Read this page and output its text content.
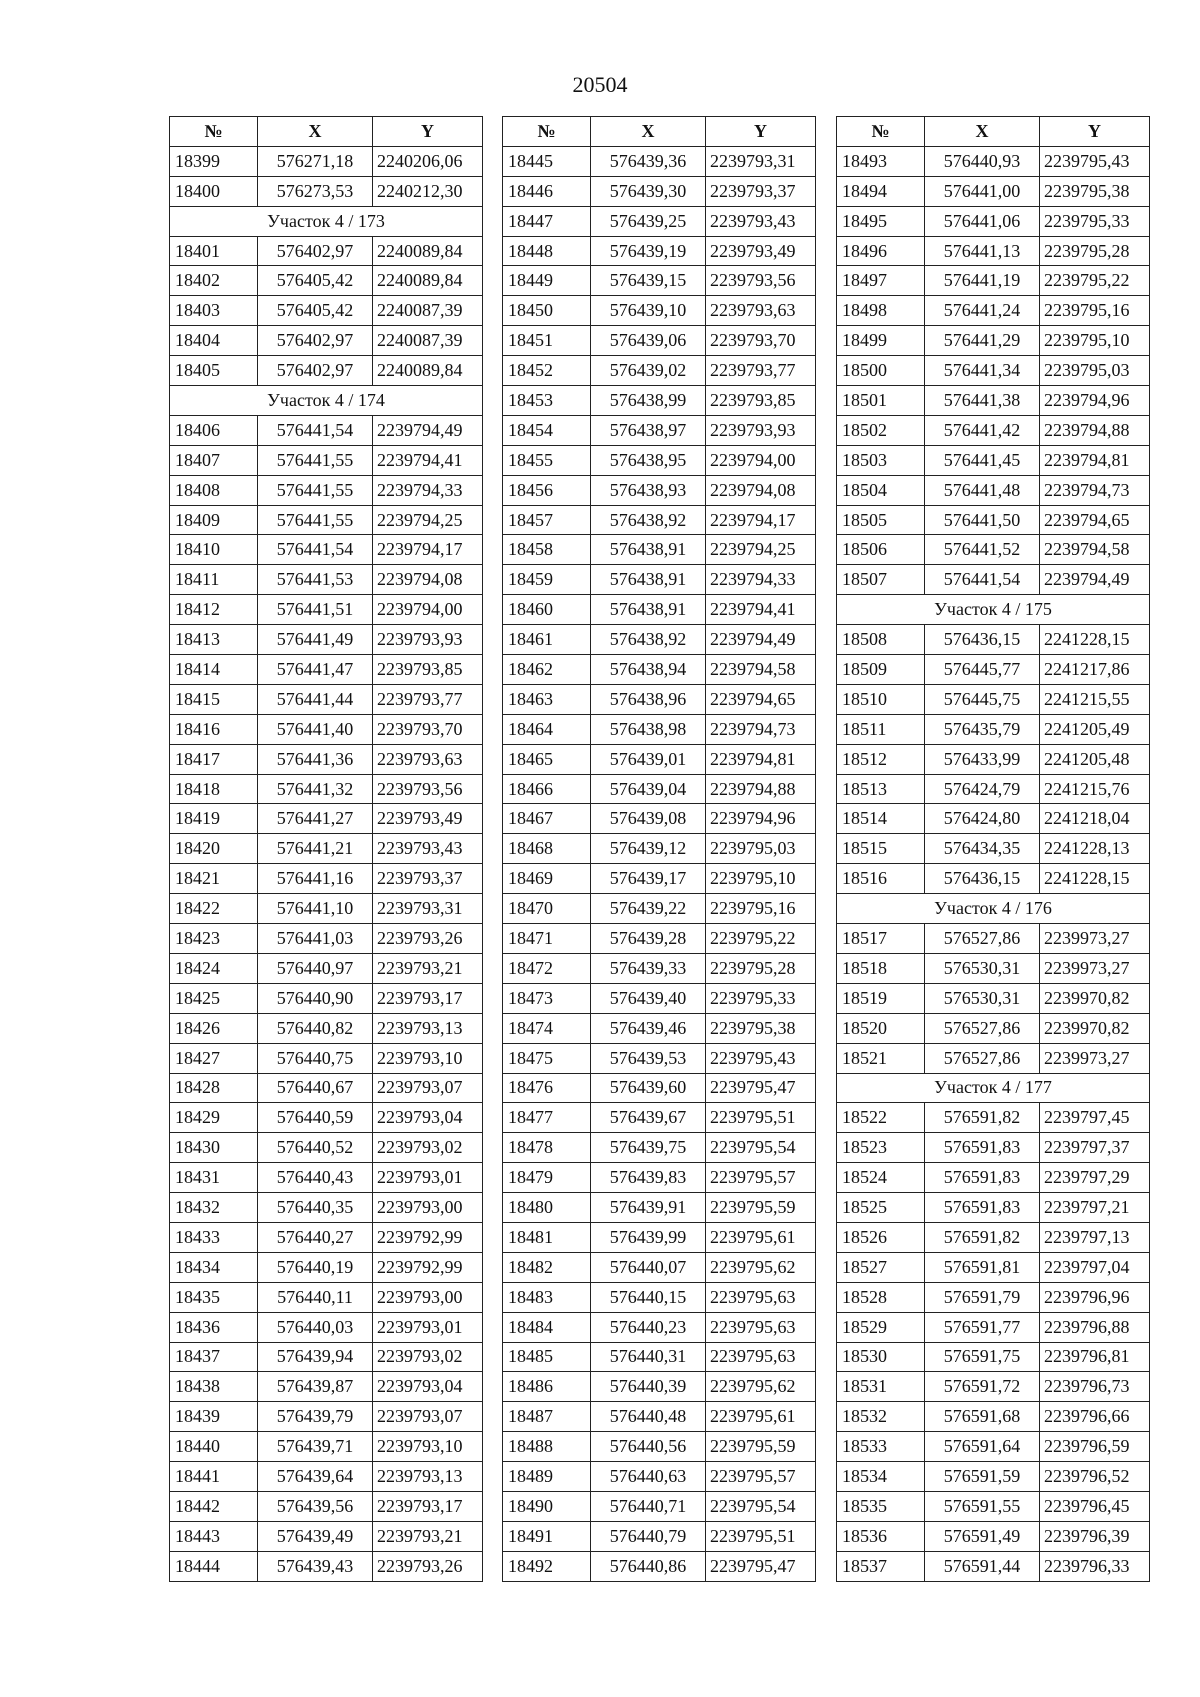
20504
№	X	Y
18399	576271,18	2240206,06
18400	576273,53	2240212,30
Участок 4 / 173		
18401	576402,97	2240089,84
18402	576405,42	2240089,84
18403	576405,42	2240087,39
18404	576402,97	2240087,39
18405	576402,97	2240089,84
Участок 4 / 174		
18406	576441,54	2239794,49
18407	576441,55	2239794,41
18408	576441,55	2239794,33
18409	576441,55	2239794,25
18410	576441,54	2239794,17
18411	576441,53	2239794,08
18412	576441,51	2239794,00
18413	576441,49	2239793,93
18414	576441,47	2239793,85
18415	576441,44	2239793,77
18416	576441,40	2239793,70
18417	576441,36	2239793,63
18418	576441,32	2239793,56
18419	576441,27	2239793,49
18420	576441,21	2239793,43
18421	576441,16	2239793,37
18422	576441,10	2239793,31
18423	576441,03	2239793,26
18424	576440,97	2239793,21
18425	576440,90	2239793,17
18426	576440,82	2239793,13
18427	576440,75	2239793,10
18428	576440,67	2239793,07
18429	576440,59	2239793,04
18430	576440,52	2239793,02
18431	576440,43	2239793,01
18432	576440,35	2239793,00
18433	576440,27	2239792,99
18434	576440,19	2239792,99
18435	576440,11	2239793,00
18436	576440,03	2239793,01
18437	576439,94	2239793,02
18438	576439,87	2239793,04
18439	576439,79	2239793,07
18440	576439,71	2239793,10
18441	576439,64	2239793,13
18442	576439,56	2239793,17
18443	576439,49	2239793,21
18444	576439,43	2239793,26
№	X	Y
18445	576439,36	2239793,31
18446	576439,30	2239793,37
18447	576439,25	2239793,43
18448	576439,19	2239793,49
18449	576439,15	2239793,56
18450	576439,10	2239793,63
18451	576439,06	2239793,70
18452	576439,02	2239793,77
18453	576438,99	2239793,85
18454	576438,97	2239793,93
18455	576438,95	2239794,00
18456	576438,93	2239794,08
18457	576438,92	2239794,17
18458	576438,91	2239794,25
18459	576438,91	2239794,33
18460	576438,91	2239794,41
18461	576438,92	2239794,49
18462	576438,94	2239794,58
18463	576438,96	2239794,65
18464	576438,98	2239794,73
18465	576439,01	2239794,81
18466	576439,04	2239794,88
18467	576439,08	2239794,96
18468	576439,12	2239795,03
18469	576439,17	2239795,10
18470	576439,22	2239795,16
18471	576439,28	2239795,22
18472	576439,33	2239795,28
18473	576439,40	2239795,33
18474	576439,46	2239795,38
18475	576439,53	2239795,43
18476	576439,60	2239795,47
18477	576439,67	2239795,51
18478	576439,75	2239795,54
18479	576439,83	2239795,57
18480	576439,91	2239795,59
18481	576439,99	2239795,61
18482	576440,07	2239795,62
18483	576440,15	2239795,63
18484	576440,23	2239795,63
18485	576440,31	2239795,63
18486	576440,39	2239795,62
18487	576440,48	2239795,61
18488	576440,56	2239795,59
18489	576440,63	2239795,57
18490	576440,71	2239795,54
18491	576440,79	2239795,51
18492	576440,86	2239795,47
№	X	Y
18493	576440,93	2239795,43
18494	576441,00	2239795,38
18495	576441,06	2239795,33
18496	576441,13	2239795,28
18497	576441,19	2239795,22
18498	576441,24	2239795,16
18499	576441,29	2239795,10
18500	576441,34	2239795,03
18501	576441,38	2239794,96
18502	576441,42	2239794,88
18503	576441,45	2239794,81
18504	576441,48	2239794,73
18505	576441,50	2239794,65
18506	576441,52	2239794,58
18507	576441,54	2239794,49
Участок 4 / 175		
18508	576436,15	2241228,15
18509	576445,77	2241217,86
18510	576445,75	2241215,55
18511	576435,79	2241205,49
18512	576433,99	2241205,48
18513	576424,79	2241215,76
18514	576424,80	2241218,04
18515	576434,35	2241228,13
18516	576436,15	2241228,15
Участок 4 / 176		
18517	576527,86	2239973,27
18518	576530,31	2239973,27
18519	576530,31	2239970,82
18520	576527,86	2239970,82
18521	576527,86	2239973,27
Участок 4 / 177		
18522	576591,82	2239797,45
18523	576591,83	2239797,37
18524	576591,83	2239797,29
18525	576591,83	2239797,21
18526	576591,82	2239797,13
18527	576591,81	2239797,04
18528	576591,79	2239796,96
18529	576591,77	2239796,88
18530	576591,75	2239796,81
18531	576591,72	2239796,73
18532	576591,68	2239796,66
18533	576591,64	2239796,59
18534	576591,59	2239796,52
18535	576591,55	2239796,45
18536	576591,49	2239796,39
18537	576591,44	2239796,33
